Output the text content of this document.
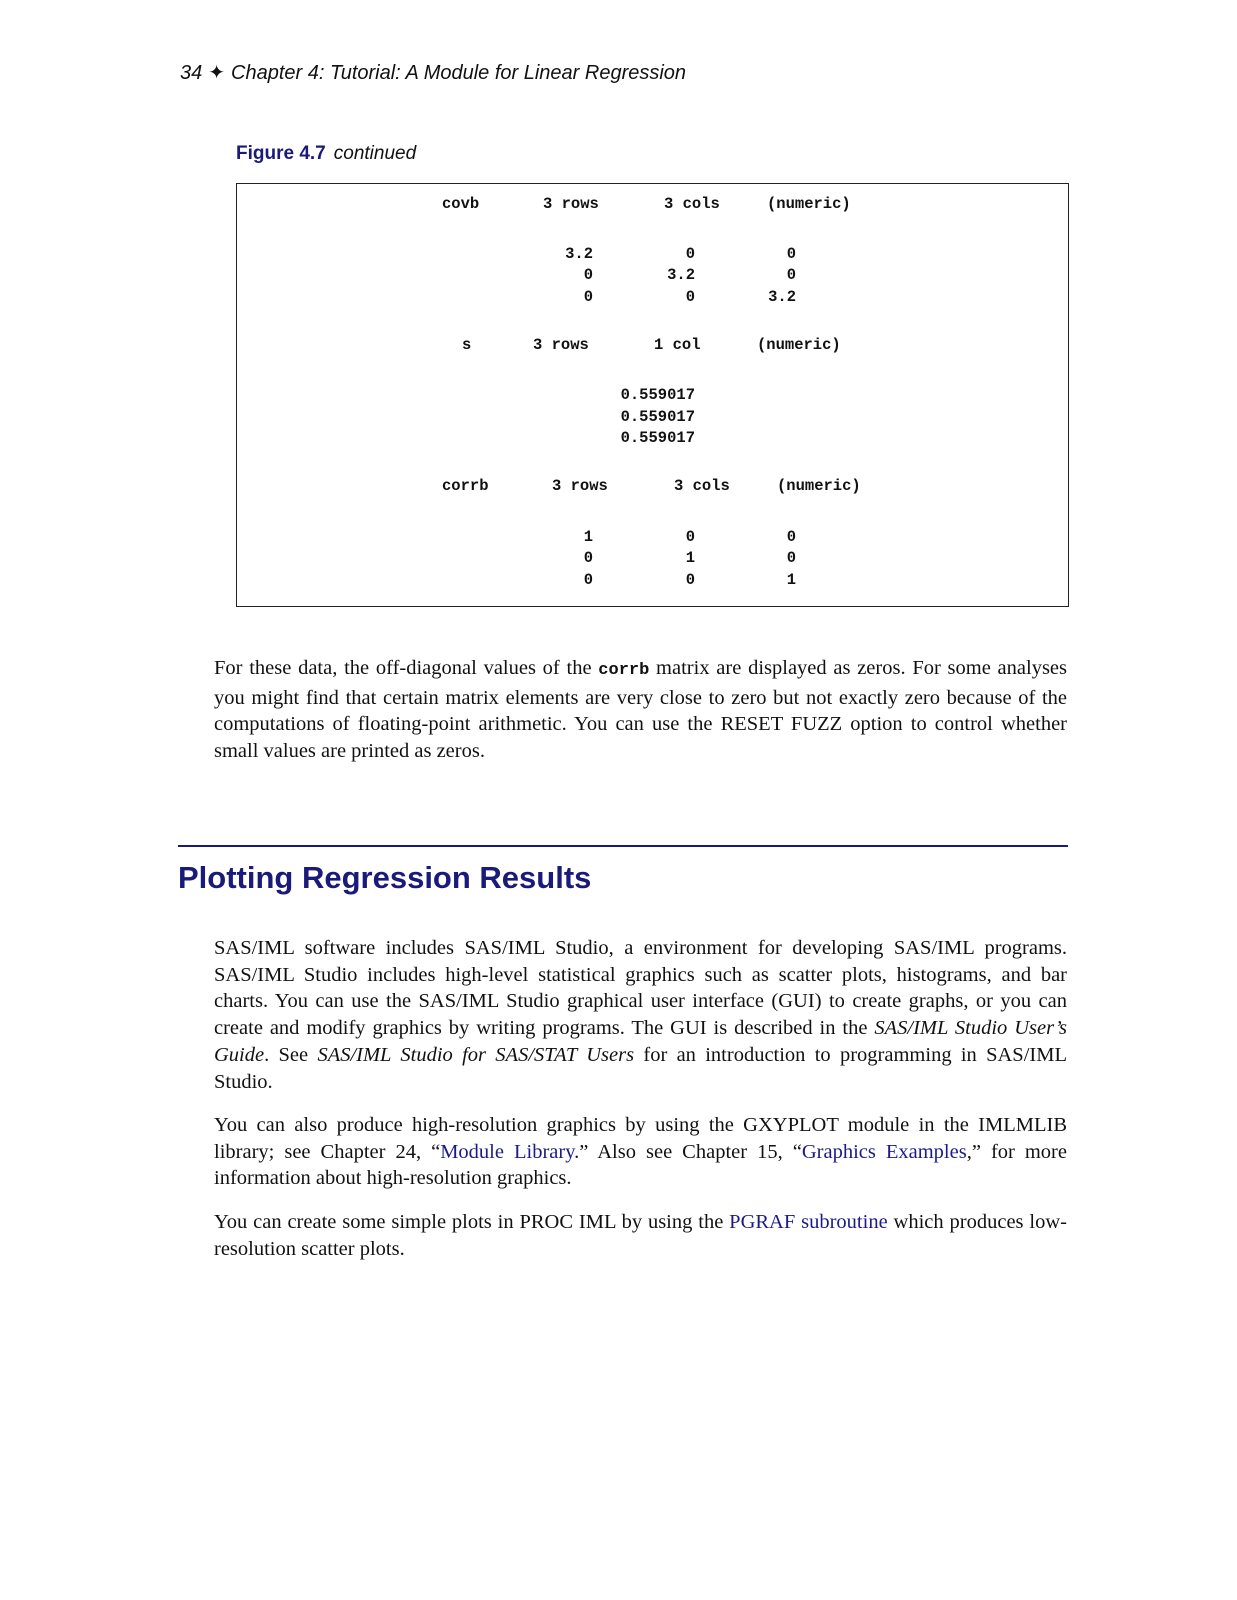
34 ✦ Chapter 4: Tutorial: A Module for Linear Regression
Figure 4.7 continued
covb	3 rows	3 cols	(numeric)
3.2	0	0
0	3.2	0
0	0	3.2
s	3 rows	1 col	(numeric)
0.559017
0.559017
0.559017
corrb	3 rows	3 cols	(numeric)
1	0	0
0	1	0
0	0	1

For these data, the off-diagonal values of the corrb matrix are displayed as zeros. For some analyses you might find that certain matrix elements are very close to zero but not exactly zero because of the computations of floating-point arithmetic. You can use the RESET FUZZ option to control whether small values are printed as zeros.

Plotting Regression Results

SAS/IML software includes SAS/IML Studio, a environment for developing SAS/IML programs. SAS/IML Studio includes high-level statistical graphics such as scatter plots, histograms, and bar charts. You can use the SAS/IML Studio graphical user interface (GUI) to create graphs, or you can create and modify graphics by writing programs. The GUI is described in the SAS/IML Studio User’s Guide. See SAS/IML Studio for SAS/STAT Users for an introduction to programming in SAS/IML Studio.

You can also produce high-resolution graphics by using the GXYPLOT module in the IMLMLIB library; see Chapter 24, “Module Library.” Also see Chapter 15, “Graphics Examples,” for more information about high-resolution graphics.

You can create some simple plots in PROC IML by using the PGRAF subroutine which produces low-resolution scatter plots.
